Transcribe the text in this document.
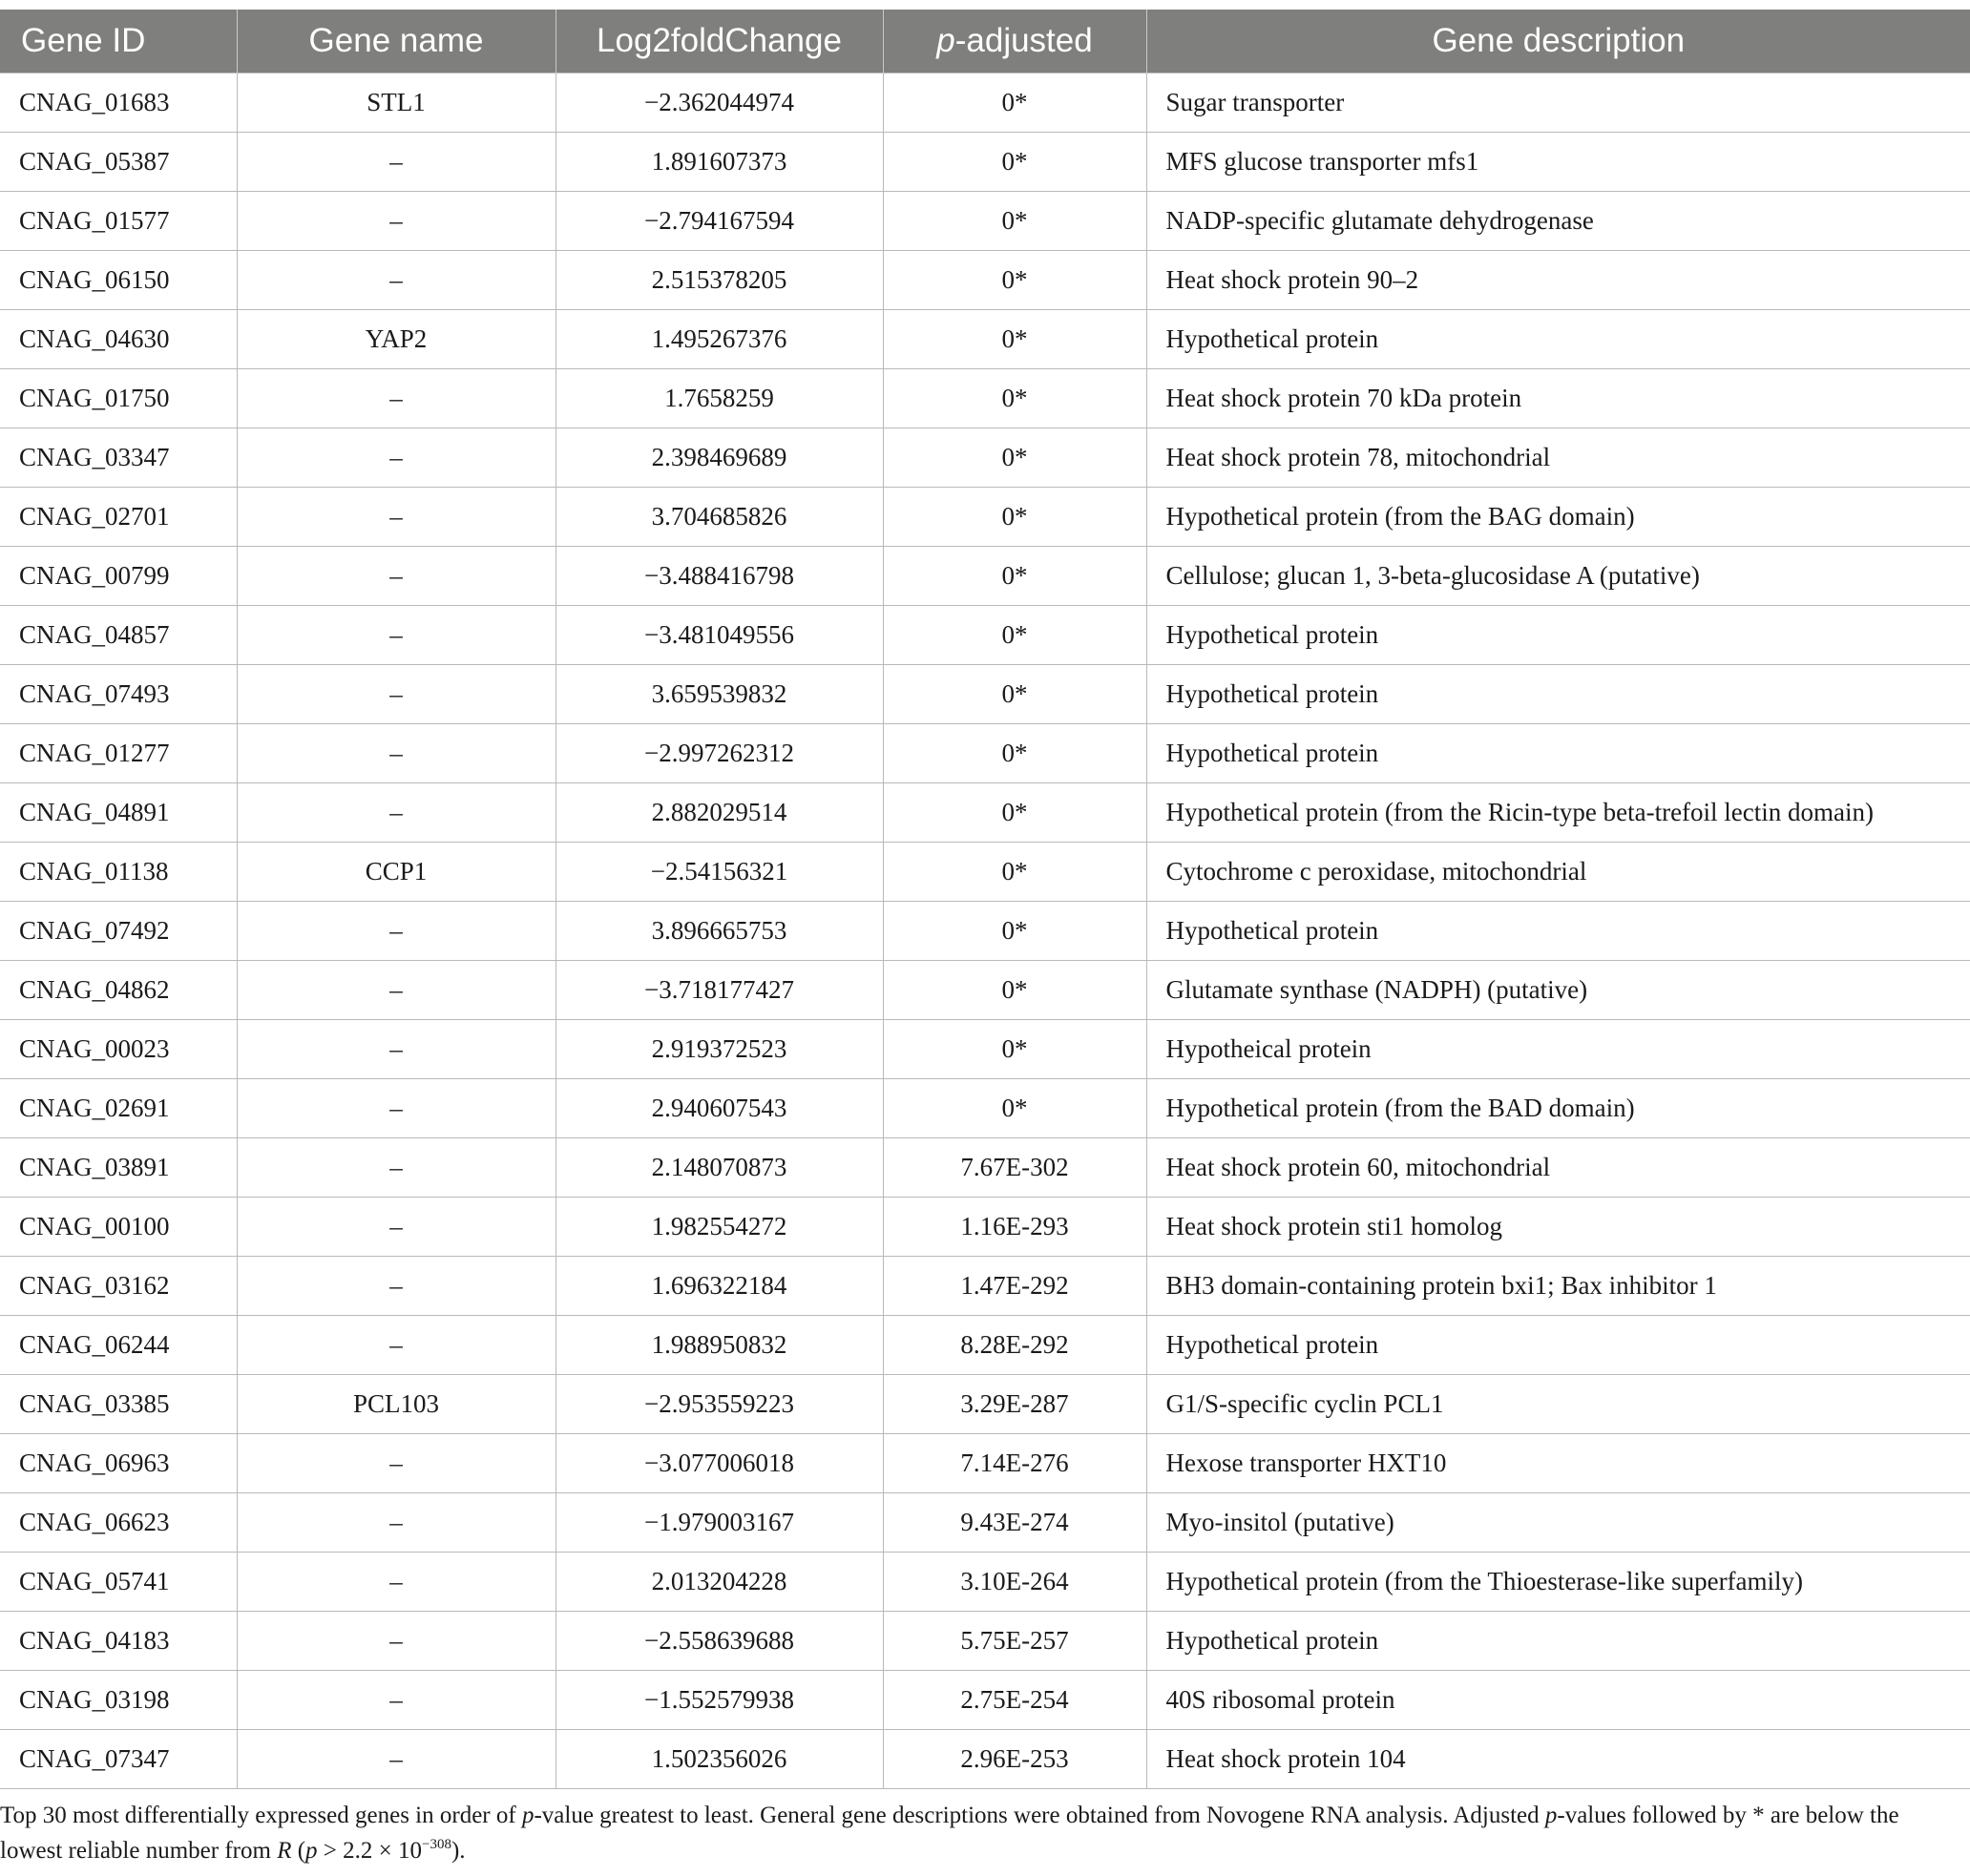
Gene ID	Gene name	Log2foldChange	p-adjusted	Gene description
CNAG_01683	STL1	−2.362044974	0*	Sugar transporter
CNAG_05387	–	1.891607373	0*	MFS glucose transporter mfs1
CNAG_01577	–	−2.794167594	0*	NADP-specific glutamate dehydrogenase
CNAG_06150	–	2.515378205	0*	Heat shock protein 90–2
CNAG_04630	YAP2	1.495267376	0*	Hypothetical protein
CNAG_01750	–	1.7658259	0*	Heat shock protein 70 kDa protein
CNAG_03347	–	2.398469689	0*	Heat shock protein 78, mitochondrial
CNAG_02701	–	3.704685826	0*	Hypothetical protein (from the BAG domain)
CNAG_00799	–	−3.488416798	0*	Cellulose; glucan 1, 3-beta-glucosidase A (putative)
CNAG_04857	–	−3.481049556	0*	Hypothetical protein
CNAG_07493	–	3.659539832	0*	Hypothetical protein
CNAG_01277	–	−2.997262312	0*	Hypothetical protein
CNAG_04891	–	2.882029514	0*	Hypothetical protein (from the Ricin-type beta-trefoil lectin domain)
CNAG_01138	CCP1	−2.54156321	0*	Cytochrome c peroxidase, mitochondrial
CNAG_07492	–	3.896665753	0*	Hypothetical protein
CNAG_04862	–	−3.718177427	0*	Glutamate synthase (NADPH) (putative)
CNAG_00023	–	2.919372523	0*	Hypotheical protein
CNAG_02691	–	2.940607543	0*	Hypothetical protein (from the BAD domain)
CNAG_03891	–	2.148070873	7.67E-302	Heat shock protein 60, mitochondrial
CNAG_00100	–	1.982554272	1.16E-293	Heat shock protein sti1 homolog
CNAG_03162	–	1.696322184	1.47E-292	BH3 domain-containing protein bxi1; Bax inhibitor 1
CNAG_06244	–	1.988950832	8.28E-292	Hypothetical protein
CNAG_03385	PCL103	−2.953559223	3.29E-287	G1/S-specific cyclin PCL1
CNAG_06963	–	−3.077006018	7.14E-276	Hexose transporter HXT10
CNAG_06623	–	−1.979003167	9.43E-274	Myo-insitol (putative)
CNAG_05741	–	2.013204228	3.10E-264	Hypothetical protein (from the Thioesterase-like superfamily)
CNAG_04183	–	−2.558639688	5.75E-257	Hypothetical protein
CNAG_03198	–	−1.552579938	2.75E-254	40S ribosomal protein
CNAG_07347	–	1.502356026	2.96E-253	Heat shock protein 104
Top 30 most differentially expressed genes in order of p-value greatest to least. General gene descriptions were obtained from Novogene RNA analysis. Adjusted p-values followed by * are below the lowest reliable number from R $(p > 2.2 \times 10^{-308})$.
